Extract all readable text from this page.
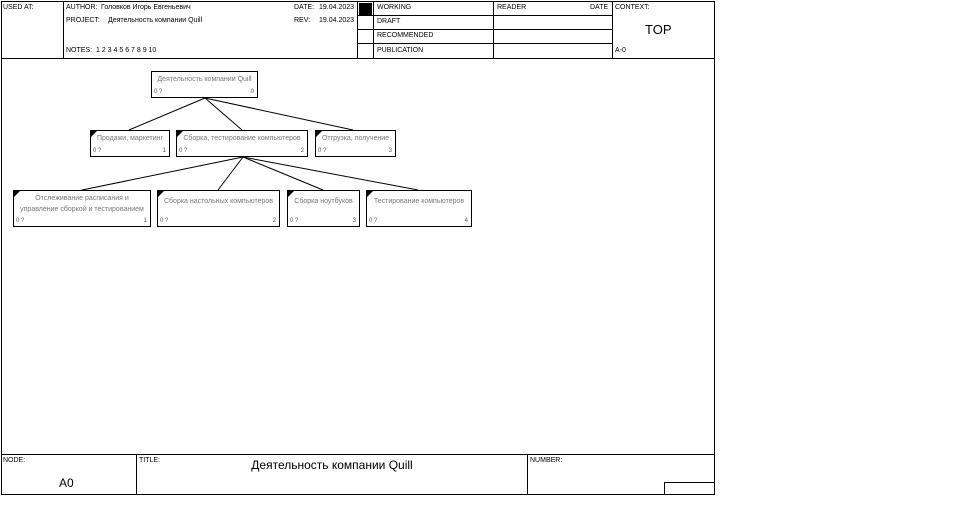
USED AT:	AUTHOR: Головков Игорь Евгеньевич
PROJECT: Деятельность компании Quill
NOTES: 1 2 3 4 5 6 7 8 9 10
DATE: 19.04.2023
REV: 19.04.2023
WORKING
DRAFT
RECOMMENDED
PUBLICATION
READER	DATE CONTEXT:
TOP
A-0
Деятельность компании Quill
0 ?	0
Продажи, маркетинг
0 ?	1
Сборка, тестирование компьютеров
0 ?	2
Отгрузка, получение
0 ?	3
Отслеживание расписания и управление сборкой и тестированием
0 ?	1
Сборка настольных компьютеров
0 ?	2
Сборка ноутбуков
0 ?	3
Тестирование компьютеров
0 ?	4
NODE:
A0
TITLE:	Деятельность компании Quill	NUMBER:
